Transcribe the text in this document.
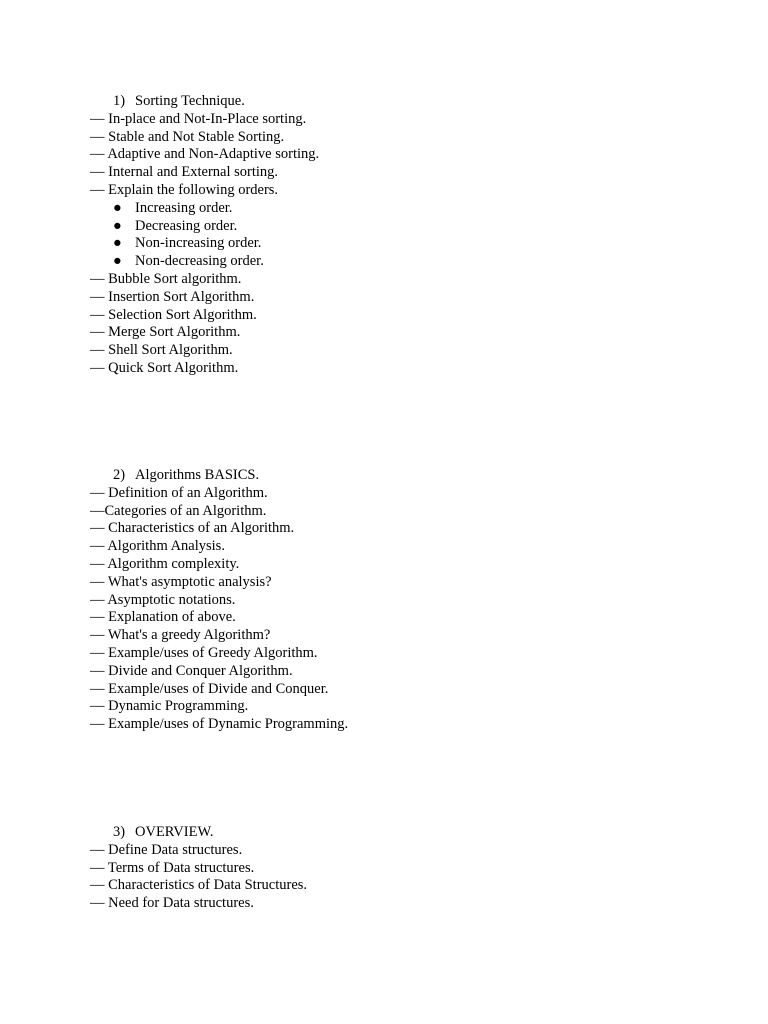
1) Sorting Technique.
— In-place and Not-In-Place sorting.
— Stable and Not Stable Sorting.
— Adaptive and Non-Adaptive sorting.
— Internal and External sorting.
— Explain the following orders.
● Increasing order.
● Decreasing order.
● Non-increasing order.
● Non-decreasing order.
— Bubble Sort algorithm.
— Insertion Sort Algorithm.
— Selection Sort Algorithm.
— Merge Sort Algorithm.
— Shell Sort Algorithm.
— Quick Sort Algorithm.
2) Algorithms BASICS.
— Definition of an Algorithm.
—Categories of an Algorithm.
— Characteristics of an Algorithm.
— Algorithm Analysis.
— Algorithm complexity.
— What's asymptotic analysis?
— Asymptotic notations.
— Explanation of above.
— What's a greedy Algorithm?
— Example/uses of Greedy Algorithm.
— Divide and Conquer Algorithm.
— Example/uses of Divide and Conquer.
— Dynamic Programming.
— Example/uses of Dynamic Programming.
3) OVERVIEW.
— Define Data structures.
— Terms of Data structures.
— Characteristics of Data Structures.
— Need for Data structures.
